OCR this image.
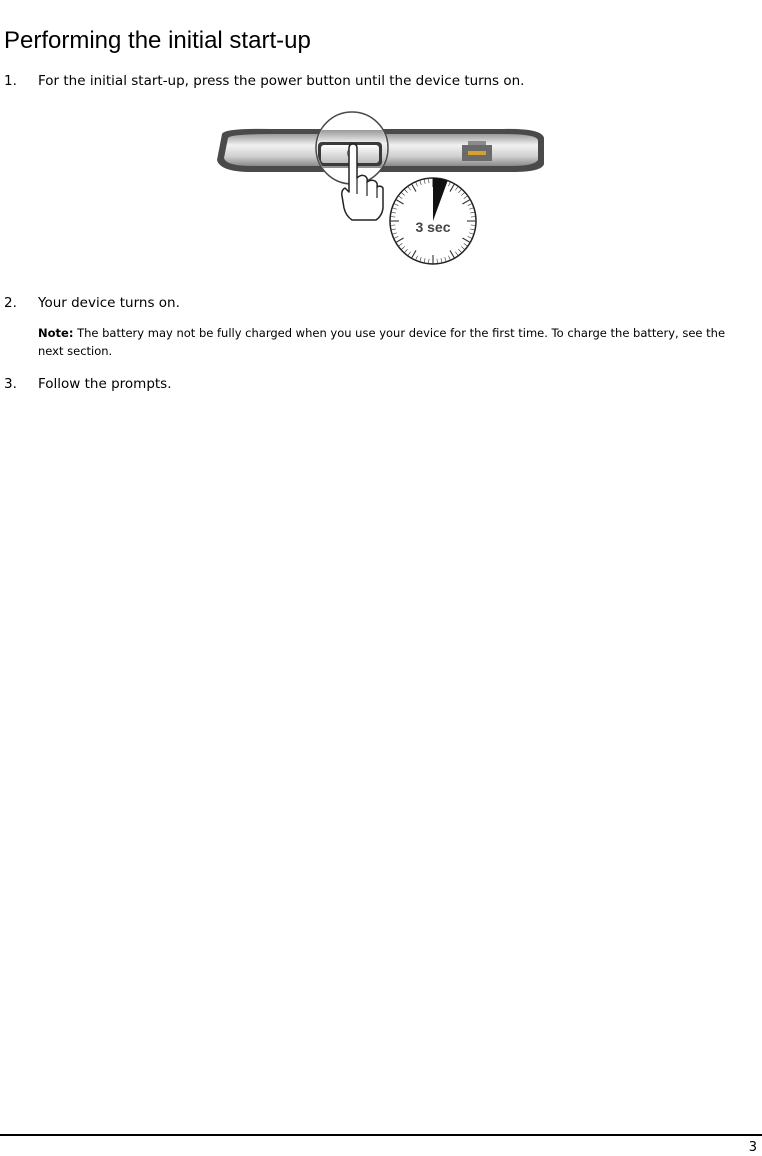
Performing the initial start-up
1. For the initial start-up, press the power button until the device turns on.
3 sec
2. Your device turns on.
Note: The battery may not be fully charged when you use your device for the first time. To charge the battery, see the next section.
3. Follow the prompts.
3
